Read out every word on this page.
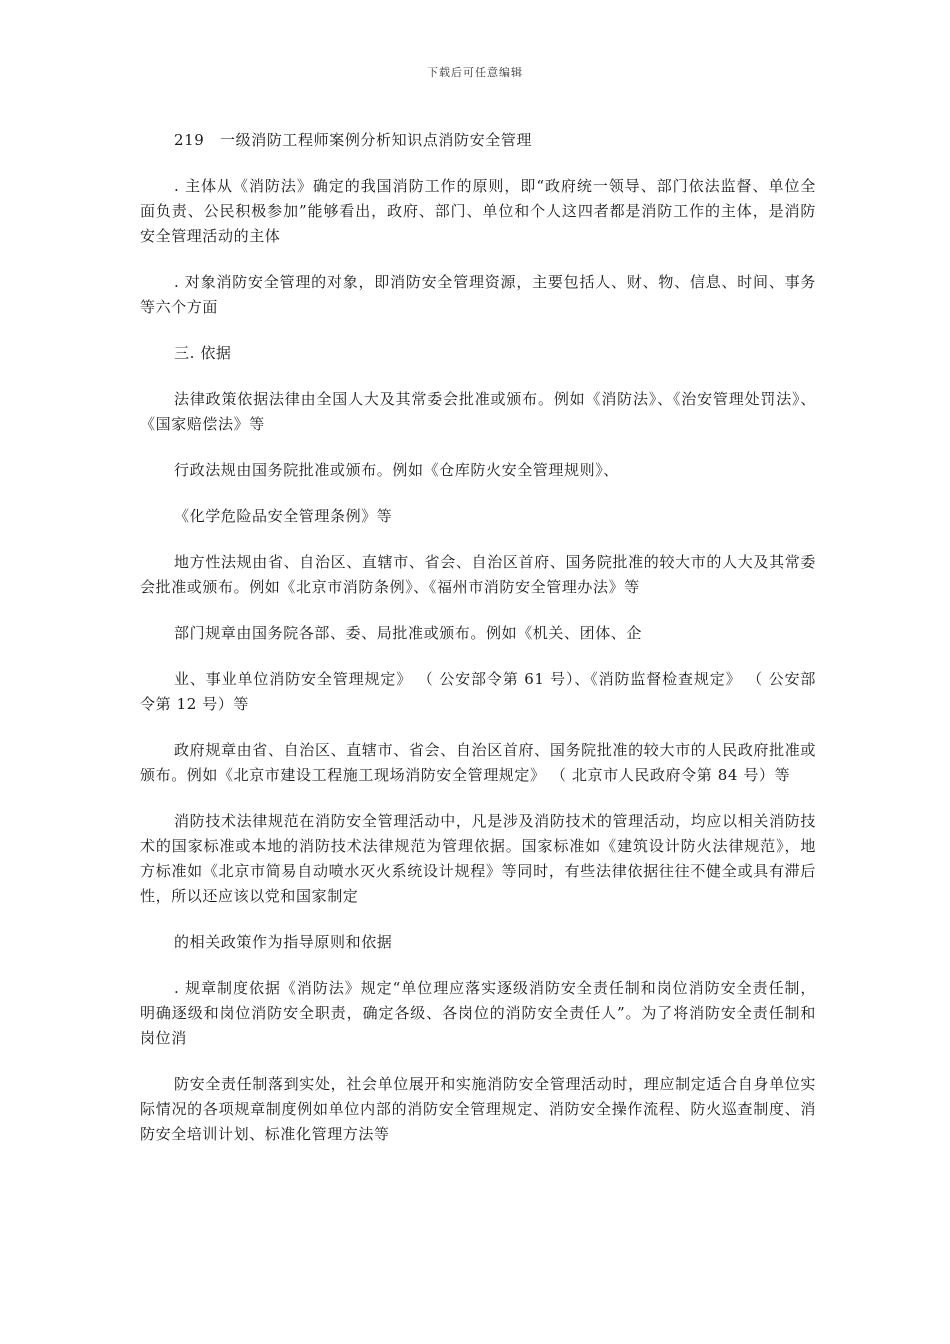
下载后可任意编辑

219　一级消防工程师案例分析知识点消防安全管理

. 主体从《消防法》确定的我国消防工作的原则，即“政府统一领导、部门依法监督、单位全面负责、公民积极参加”能够看出，政府、部门、单位和个人这四者都是消防工作的主体，是消防安全管理活动的主体

. 对象消防安全管理的对象，即消防安全管理资源，主要包括人、财、物、信息、时间、事务等六个方面

三. 依据

法律政策依据法律由全国人大及其常委会批准或颁布。例如《消防法》、《治安管理处罚法》、《国家赔偿法》等

行政法规由国务院批准或颁布。例如《仓库防火安全管理规则》、

《化学危险品安全管理条例》等

地方性法规由省、自治区、直辖市、省会、自治区首府、国务院批准的较大市的人大及其常委会批准或颁布。例如《北京市消防条例》、《福州市消防安全管理办法》等

部门规章由国务院各部、委、局批准或颁布。例如《机关、团体、企

业、事业单位消防安全管理规定》 （ 公安部令第 61 号）、《消防监督检查规定》 （ 公安部令第 12 号）等

政府规章由省、自治区、直辖市、省会、自治区首府、国务院批准的较大市的人民政府批准或颁布。例如《北京市建设工程施工现场消防安全管理规定》 （ 北京市人民政府令第 84 号）等

消防技术法律规范在消防安全管理活动中，凡是涉及消防技术的管理活动，均应以相关消防技术的国家标准或本地的消防技术法律规范为管理依据。国家标准如《建筑设计防火法律规范》，地方标准如《北京市简易自动喷水灭火系统设计规程》等同时，有些法律依据往往不健全或具有滞后性，所以还应该以党和国家制定

的相关政策作为指导原则和依据

. 规章制度依据《消防法》规定“单位理应落实逐级消防安全责任制和岗位消防安全责任制，明确逐级和岗位消防安全职责，确定各级、各岗位的消防安全责任人”。为了将消防安全责任制和岗位消

防安全责任制落到实处，社会单位展开和实施消防安全管理活动时，理应制定适合自身单位实际情况的各项规章制度例如单位内部的消防安全管理规定、消防安全操作流程、防火巡查制度、消防安全培训计划、标准化管理方法等
